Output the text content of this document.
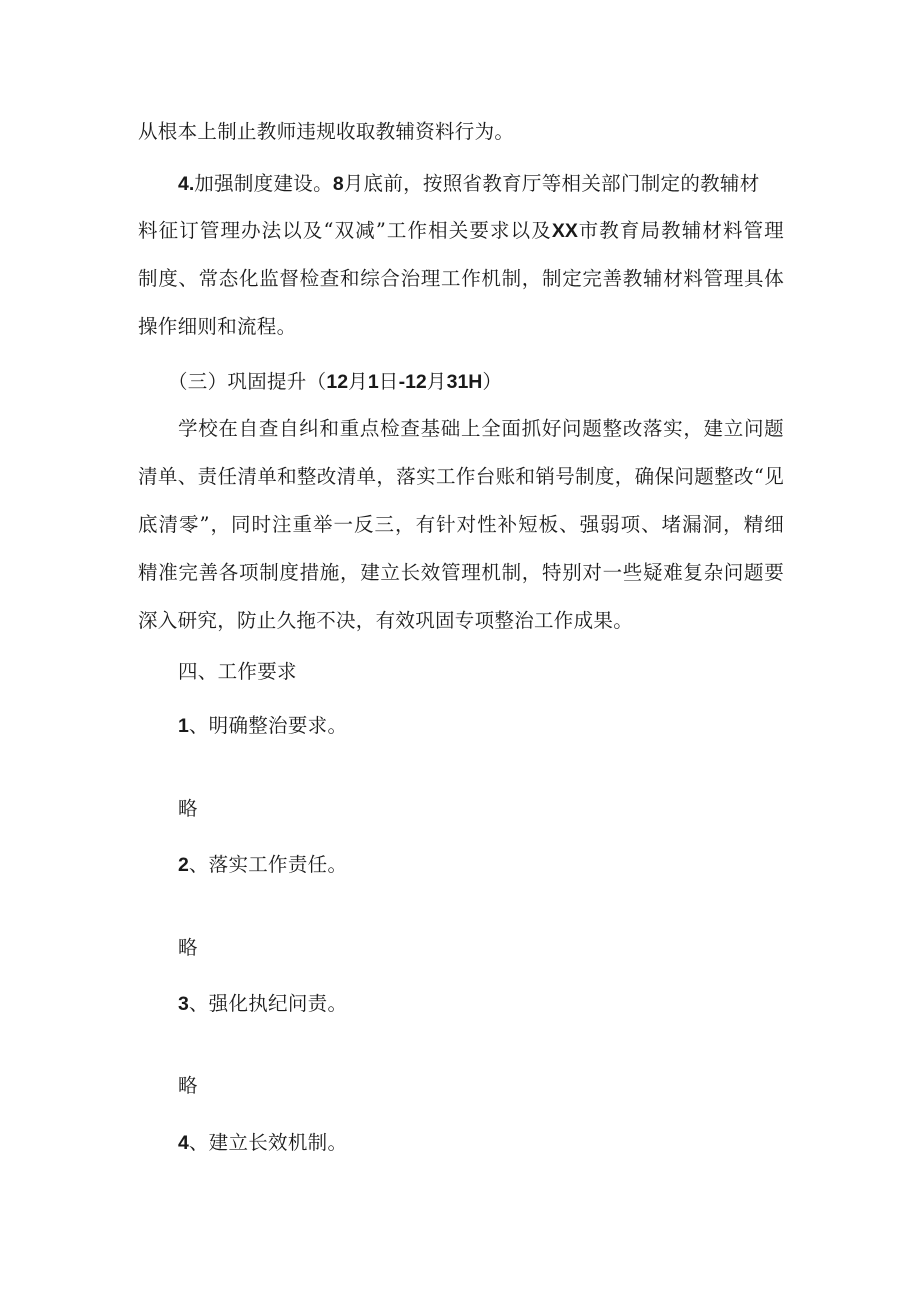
从根本上制止教师违规收取教辅资料行为。
4.加强制度建设。8月底前，按照省教育厅等相关部门制定的教辅材
料征订管理办法以及“双减”工作相关要求以及XX市教育局教辅材料管理
制度、常态化监督检查和综合治理工作机制，制定完善教辅材料管理具体
操作细则和流程。
（三）巩固提升（12月1日-12月31H）
学校在自查自纠和重点检查基础上全面抓好问题整改落实，建立问题
清单、责任清单和整改清单，落实工作台账和销号制度，确保问题整改“见
底清零”，同时注重举一反三，有针对性补短板、强弱项、堵漏洞，精细
精准完善各项制度措施，建立长效管理机制，特别对一些疑难复杂问题要
深入研究，防止久拖不决，有效巩固专项整治工作成果。
四、工作要求
1、明确整治要求。
略
2、落实工作责任。
略
3、强化执纪问责。
略
4、建立长效机制。
